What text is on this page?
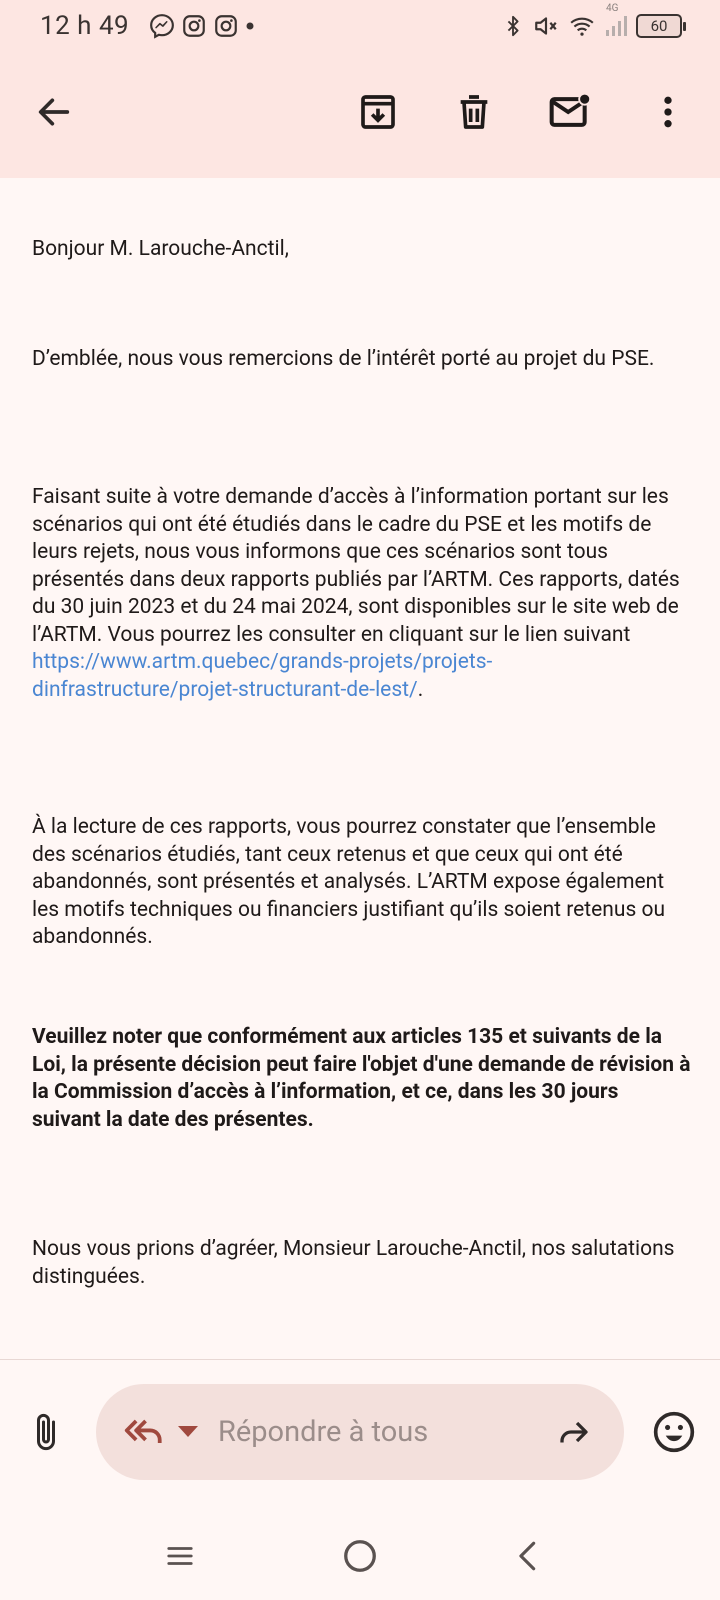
12 h 49
4G
60

Bonjour M. Larouche-Anctil,

D’emblée, nous vous remercions de l’intérêt porté au projet du PSE.

Faisant suite à votre demande d’accès à l’information portant sur les scénarios qui ont été étudiés dans le cadre du PSE et les motifs de leurs rejets, nous vous informons que ces scénarios sont tous présentés dans deux rapports publiés par l’ARTM. Ces rapports, datés du 30 juin 2023 et du 24 mai 2024, sont disponibles sur le site web de l’ARTM. Vous pourrez les consulter en cliquant sur le lien suivant https://www.artm.quebec/grands-projets/projets-dinfrastructure/projet-structurant-de-lest/.

À la lecture de ces rapports, vous pourrez constater que l’ensemble des scénarios étudiés, tant ceux retenus et que ceux qui ont été abandonnés, sont présentés et analysés. L’ARTM expose également les motifs techniques ou financiers justifiant qu’ils soient retenus ou abandonnés.

Veuillez noter que conformément aux articles 135 et suivants de la Loi, la présente décision peut faire l'objet d'une demande de révision à la Commission d’accès à l’information, et ce, dans les 30 jours suivant la date des présentes.

Nous vous prions d’agréer, Monsieur Larouche-Anctil, nos salutations distinguées.

Répondre à tous
